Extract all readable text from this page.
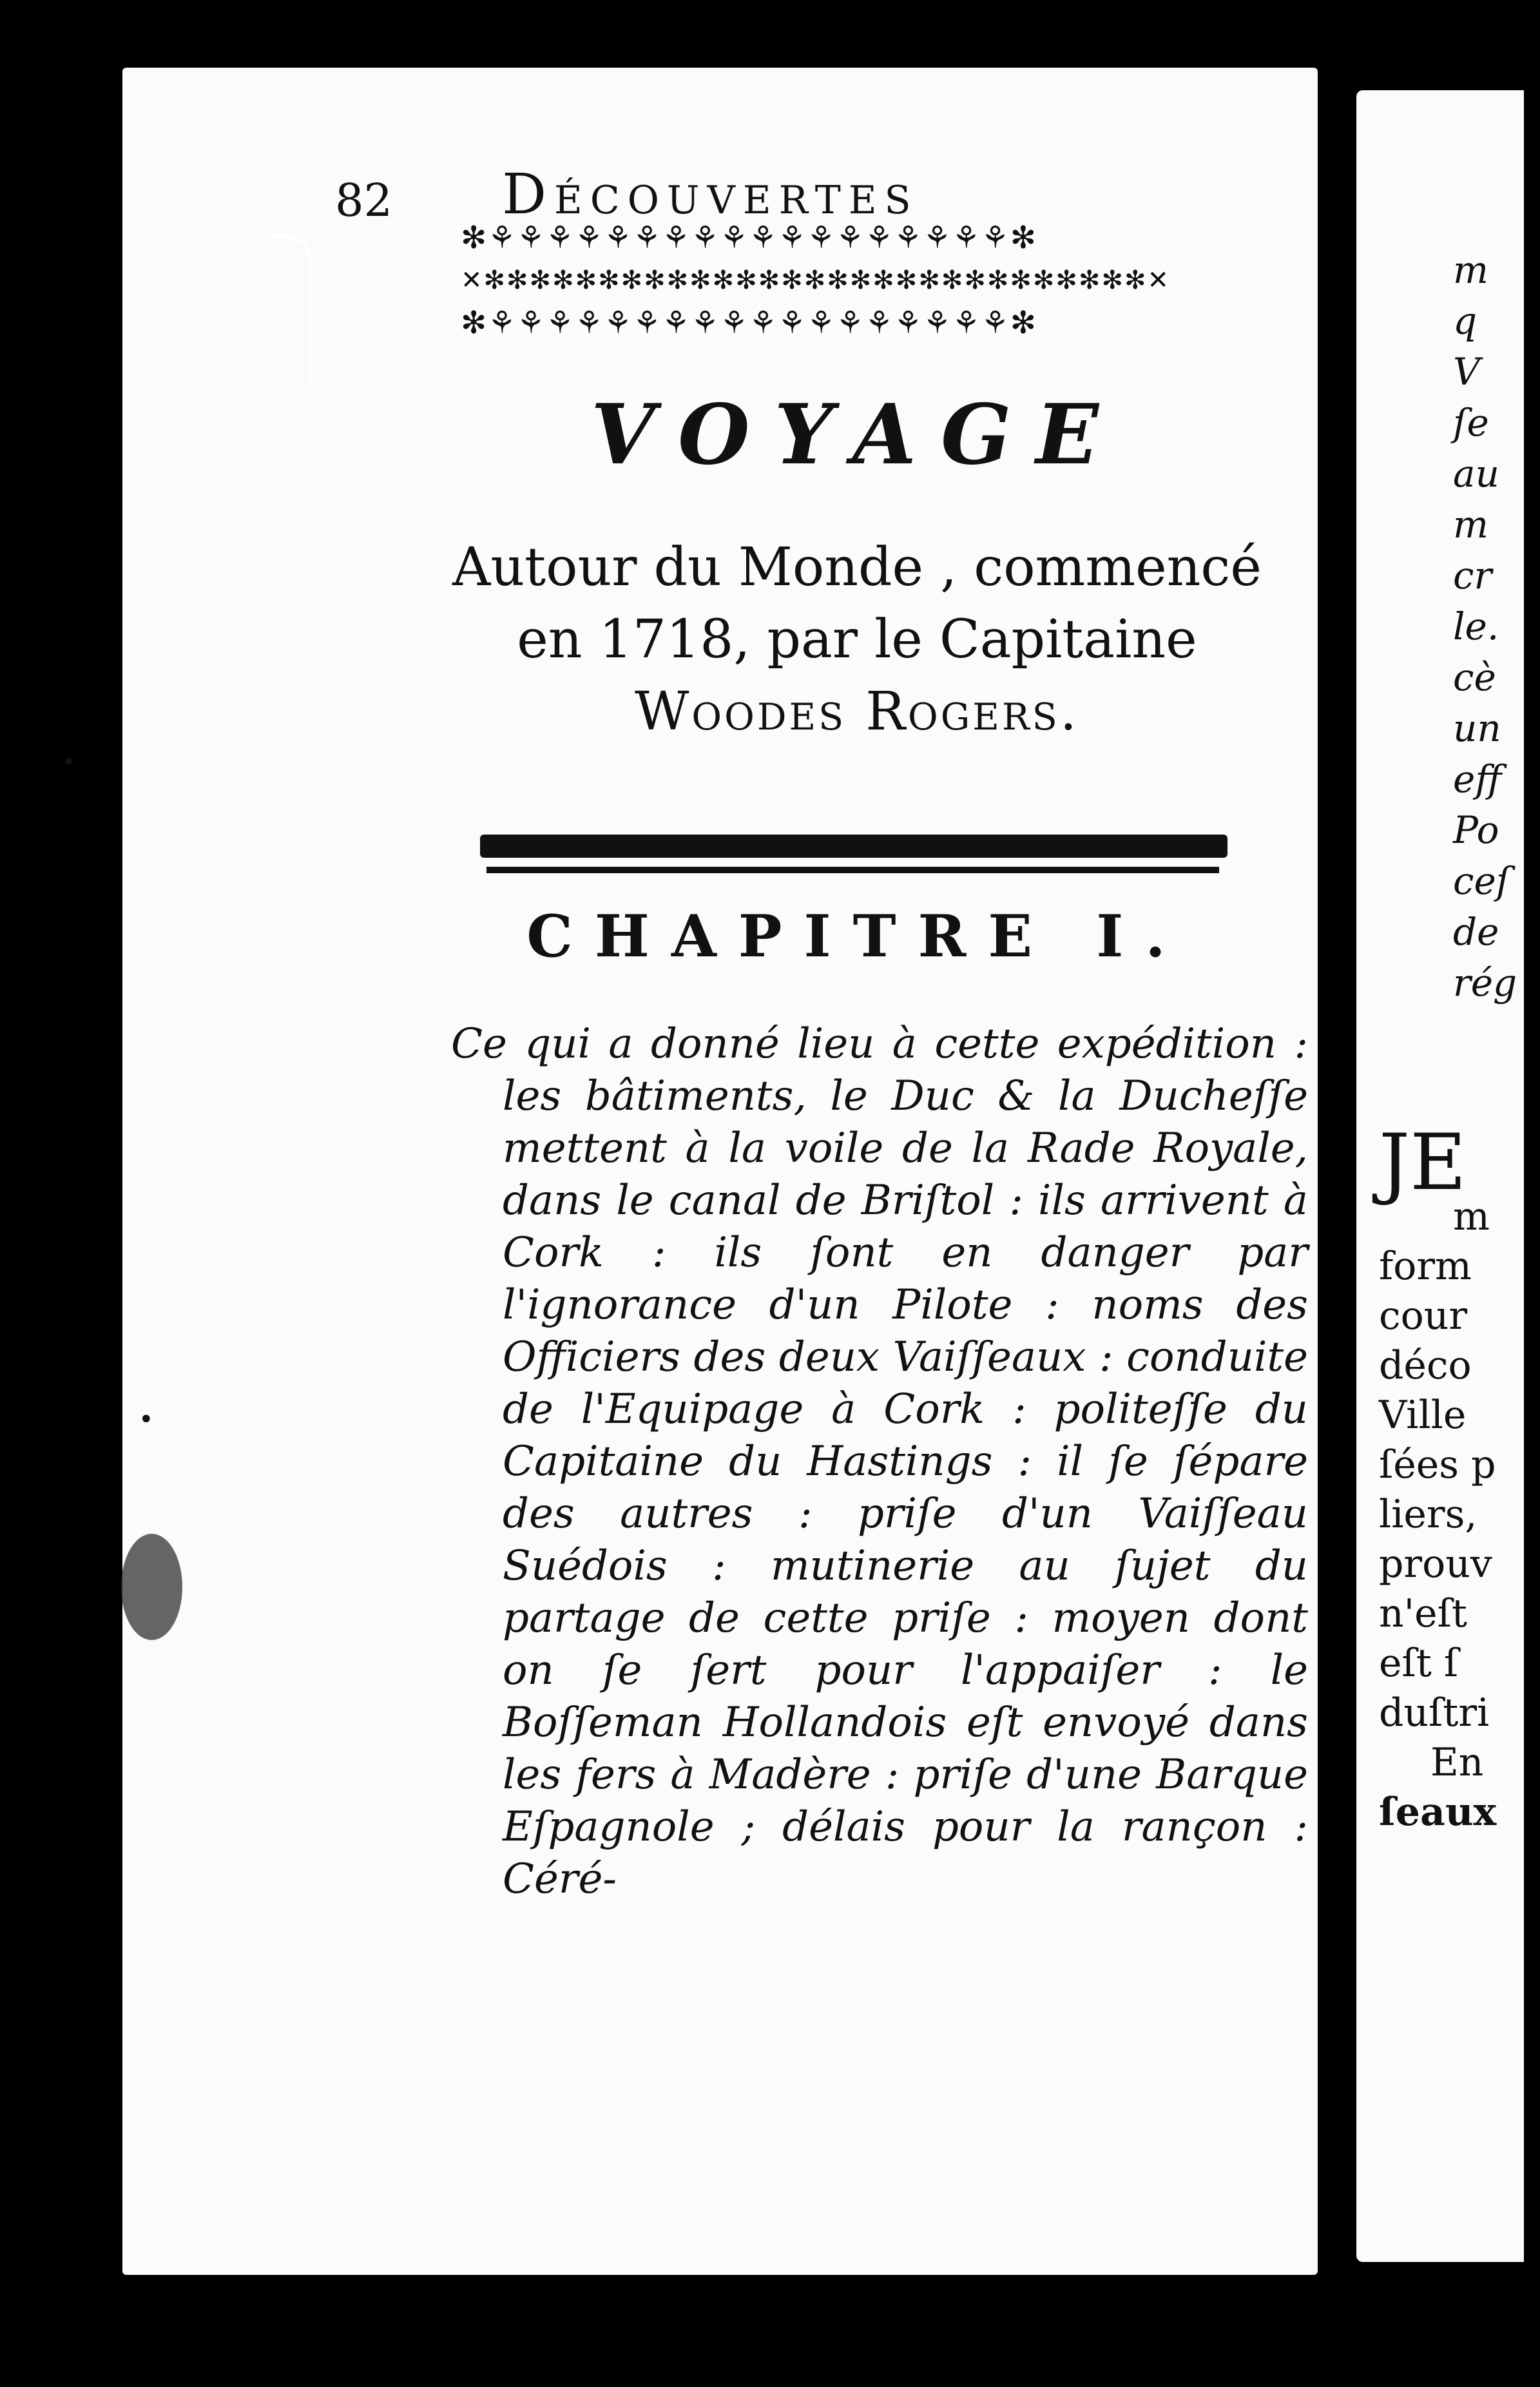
•
•
82 Découvertes
✻⚘⚘⚘⚘⚘⚘⚘⚘⚘⚘⚘⚘⚘⚘⚘⚘⚘⚘✻
✕✻✻✻✻✻✻✻✻✻✻✻✻✻✻✻✻✻✻✻✻✻✻✻✻✻✻✻✻✻✕
✻⚘⚘⚘⚘⚘⚘⚘⚘⚘⚘⚘⚘⚘⚘⚘⚘⚘⚘✻
VOYAGE
Autour du Monde , commencé
en 1718, par le Capitaine
Woodes Rogers.
CHAPITRE I.

Ce qui a donné lieu à cette expédition : les bâtiments, le Duc & la Ducheſſe mettent à la voile de la Rade Royale, dans le canal de Briſtol : ils arrivent à Cork : ils ſont en danger par l'ignorance d'un Pilote : noms des Officiers des deux Vaiſſeaux : conduite de l'Equipage à Cork : politeſſe du Capitaine du Hastings : il ſe ſépare des autres : priſe d'un Vaiſſeau Suédois : mutinerie au ſujet du partage de cette priſe : moyen dont on ſe ſert pour l'appaiſer : le Boſſeman Hollandois eſt envoyé dans les fers à Madère : priſe d'une Barque Eſpagnole ; délais pour la rançon : Céré-

m
q
V
ſe
au
m
cr
le.
cè
un
eff
Po
ceſ
de
rég
JE
m
form
cour
déco
Ville
ſées p
liers,
prouv
n'eſt
eſt ſ
duſtri
En
ſeaux
